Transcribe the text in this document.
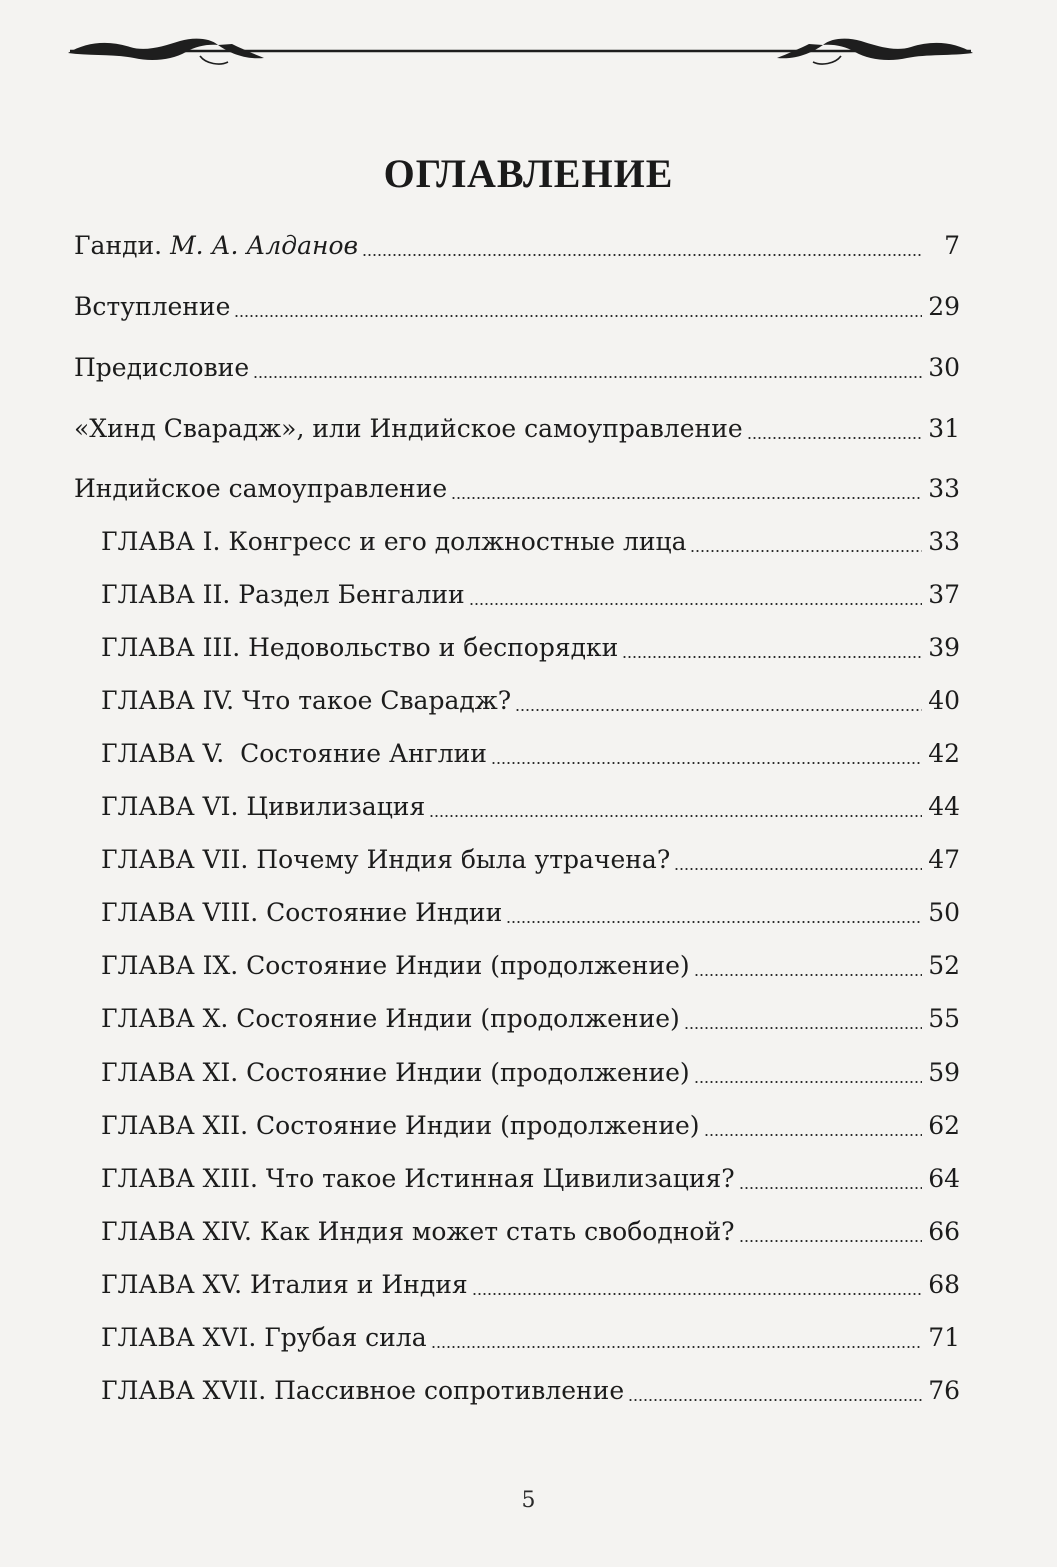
ОГЛАВЛЕНИЕ
Ганди. М. А. Алданов	7
Вступление	29
Предисловие	30
«Хинд Сварадж», или Индийское самоуправление	31
Индийское самоуправление	33
ГЛАВА I. Конгресс и его должностные лица	33
ГЛАВА II. Раздел Бенгалии	37
ГЛАВА III. Недовольство и беспорядки	39
ГЛАВА IV. Что такое Сварадж?	40
ГЛАВА V.  Состояние Англии	42
ГЛАВА VI. Цивилизация	44
ГЛАВА VII. Почему Индия была утрачена?	47
ГЛАВА VIII. Состояние Индии	50
ГЛАВА IX. Состояние Индии (продолжение)	52
ГЛАВА X. Состояние Индии (продолжение)	55
ГЛАВА XI. Состояние Индии (продолжение)	59
ГЛАВА XII. Состояние Индии (продолжение)	62
ГЛАВА XIII. Что такое Истинная Цивилизация?	64
ГЛАВА XIV. Как Индия может стать свободной?	66
ГЛАВА XV. Италия и Индия	68
ГЛАВА XVI. Грубая сила	71
ГЛАВА XVII. Пассивное сопротивление	76
5
